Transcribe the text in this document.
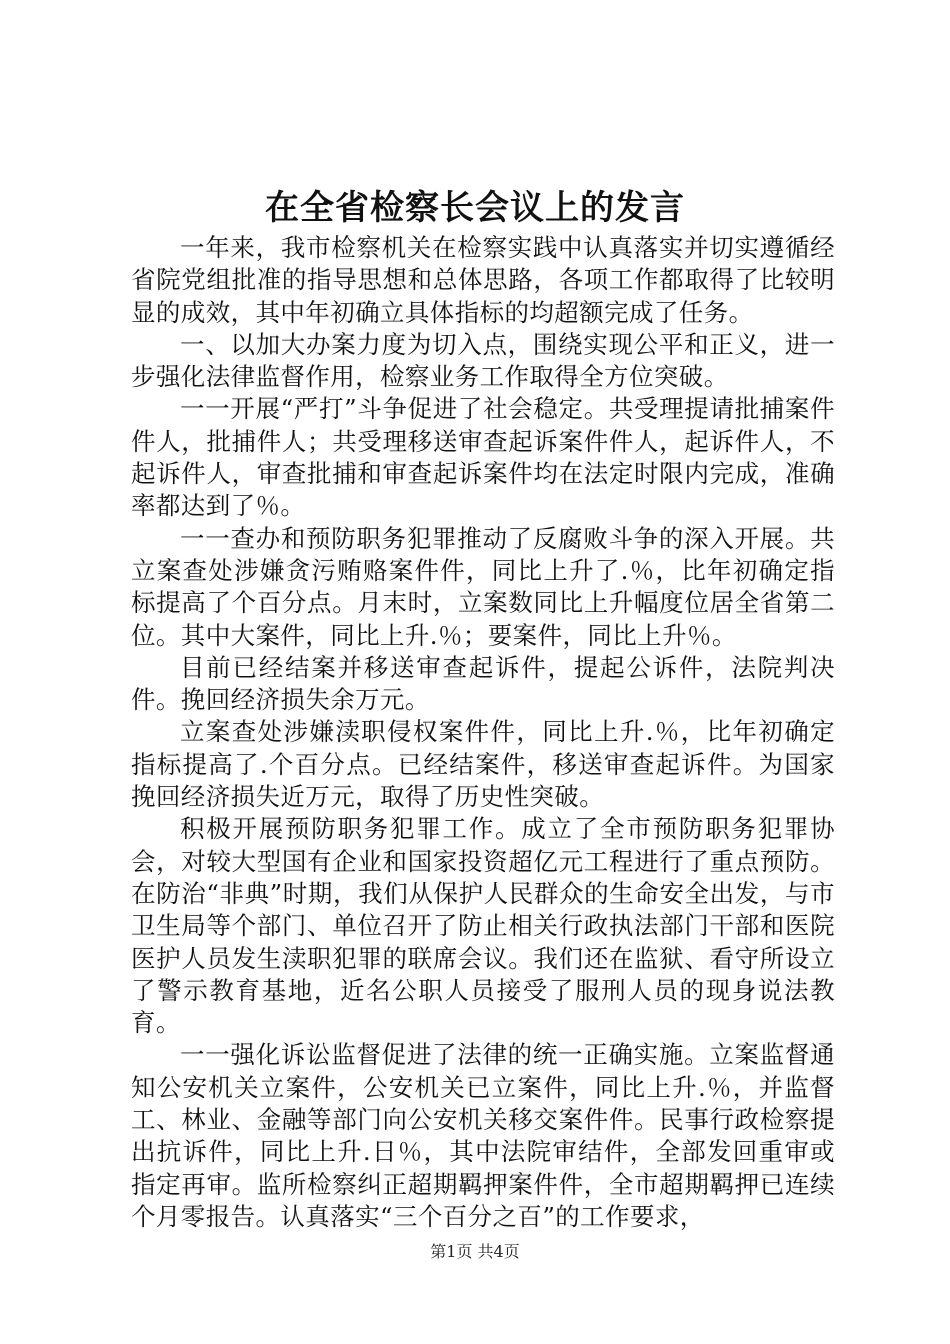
在全省检察长会议上的发言

一年来，我市检察机关在检察实践中认真落实并切实遵循经省院党组批准的指导思想和总体思路，各项工作都取得了比较明显的成效，其中年初确立具体指标的均超额完成了任务。

一、以加大办案力度为切入点，围绕实现公平和正义，进一步强化法律监督作用，检察业务工作取得全方位突破。

一一开展“严打”斗争促进了社会稳定。共受理提请批捕案件件人，批捕件人；共受理移送审查起诉案件件人，起诉件人，不起诉件人，审查批捕和审查起诉案件均在法定时限内完成，准确率都达到了％。

一一查办和预防职务犯罪推动了反腐败斗争的深入开展。共立案查处涉嫌贪污贿赂案件件，同比上升了.％，比年初确定指标提高了个百分点。月末时，立案数同比上升幅度位居全省第二位。其中大案件，同比上升.％；要案件，同比上升％。

目前已经结案并移送审查起诉件，提起公诉件，法院判决件。挽回经济损失余万元。

立案查处涉嫌渎职侵权案件件，同比上升.％，比年初确定指标提高了.个百分点。已经结案件，移送审查起诉件。为国家挽回经济损失近万元，取得了历史性突破。

积极开展预防职务犯罪工作。成立了全市预防职务犯罪协会，对较大型国有企业和国家投资超亿元工程进行了重点预防。在防治“非典”时期，我们从保护人民群众的生命安全出发，与市卫生局等个部门、单位召开了防止相关行政执法部门干部和医院医护人员发生渎职犯罪的联席会议。我们还在监狱、看守所设立了警示教育基地，近名公职人员接受了服刑人员的现身说法教育。

一一强化诉讼监督促进了法律的统一正确实施。立案监督通知公安机关立案件，公安机关已立案件，同比上升.％，并监督工、林业、金融等部门向公安机关移交案件件。民事行政检察提出抗诉件，同比上升.日％，其中法院审结件，全部发回重审或指定再审。监所检察纠正超期羁押案件件，全市超期羁押已连续个月零报告。认真落实“三个百分之百”的工作要求，

第1页 共4页
